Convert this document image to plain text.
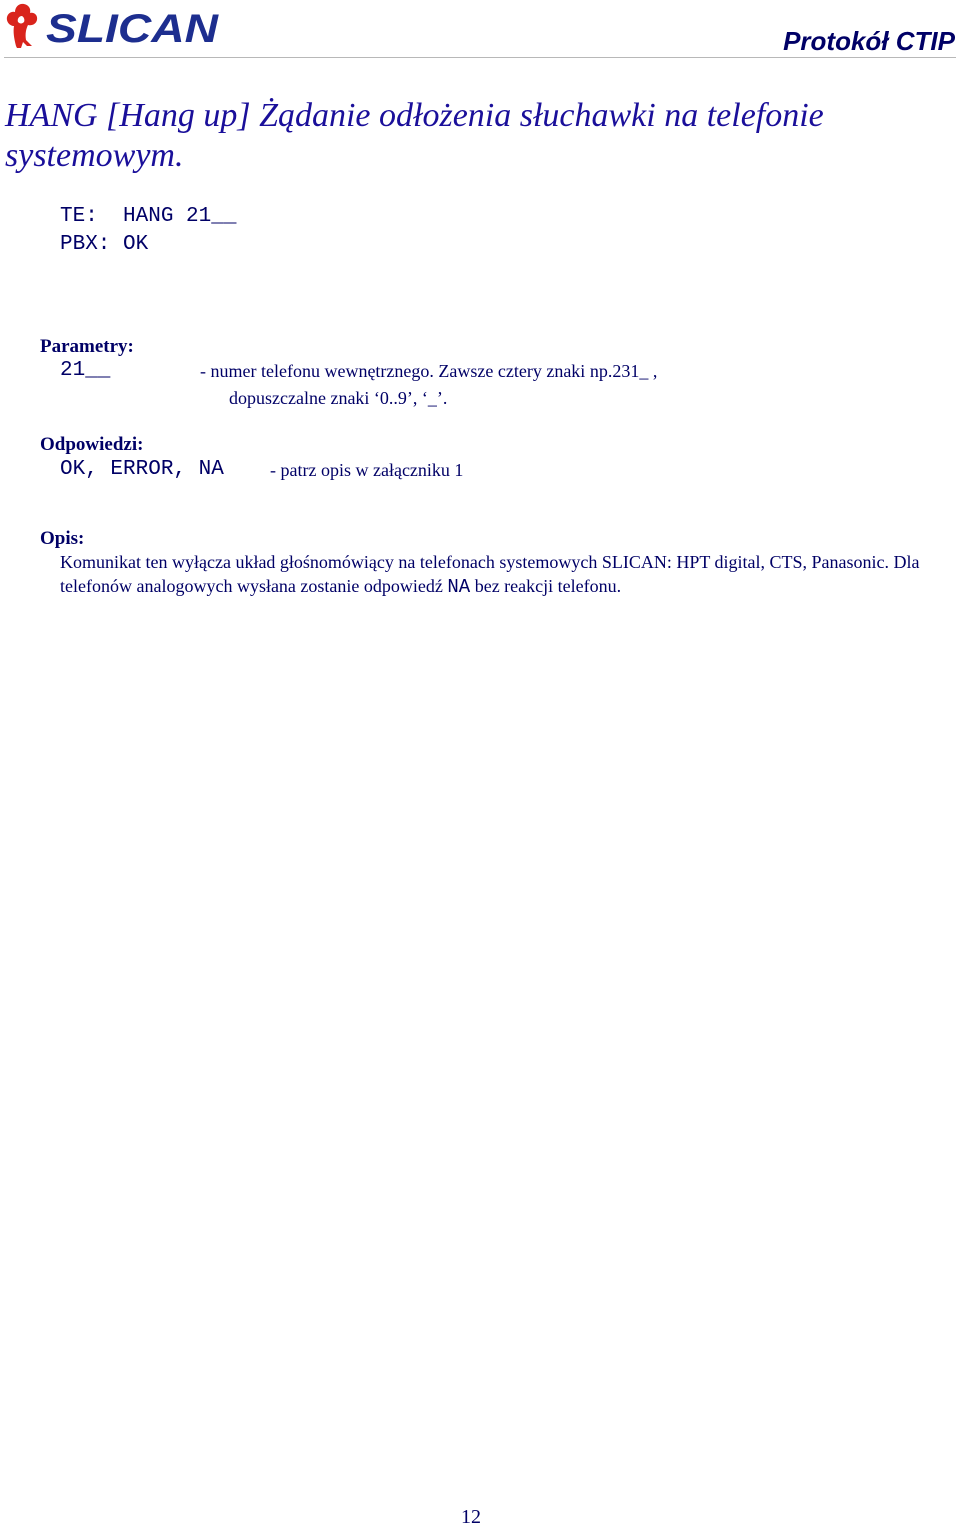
SLICAN	Protokół CTIP
HANG [Hang up] Żądanie odłożenia słuchawki na telefonie systemowym.
TE: HANG 21__
PBX: OK
Parametry:
21__	- numer telefonu wewnętrznego. Zawsze cztery znaki np.231_ ,
dopuszczalne znaki ‘0..9’, ‘_’.
Odpowiedzi:
OK, ERROR, NA	- patrz opis w załączniku 1
Opis:
Komunikat ten wyłącza układ głośnomówiący na telefonach systemowych SLICAN: HPT digital, CTS, Panasonic. Dla telefonów analogowych wysłana zostanie odpowiedź NA bez reakcji telefonu.
12
